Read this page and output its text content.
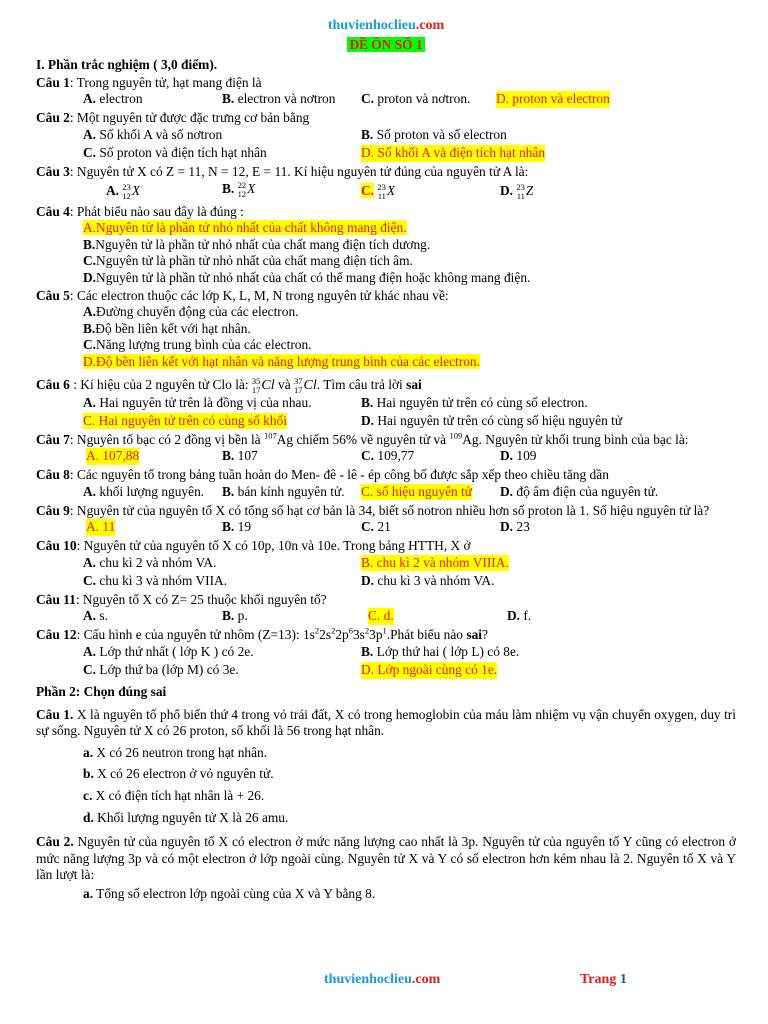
thuvienhoclieu.com
ĐỀ ÔN SỐ 1
I. Phần trắc nghiệm ( 3,0 điểm).
Câu 1: Trong nguyên tử, hạt mang điện là
A. electron	B. electron và nơtron C. proton và nơtron. D. proton và electron
Câu 2: Một nguyên tử được đặc trưng cơ bản bằng
A. Số khối A và số nơtron	B. Số proton và số electron
C. Số proton và điện tích hạt nhân	D. Số khối A và điện tích hạt nhân
Câu 3: Nguyên tử X có Z = 11, N = 12, E = 11. Kí hiệu nguyên tử đúng của nguyên tử A là:
A. 23
12 X	B. 22
12 X	C. 23
11 X	D. 23
11 Z
Câu 4: Phát biểu nào sau đây là đúng :
A.Nguyên tử là phần tử nhỏ nhất của chất không mang điện.
B.Nguyên tử là phần tử nhỏ nhất của chất mang điện tích dương.
C.Nguyên tử là phần tử nhỏ nhất của chất mang điện tích âm.
D.Nguyên tử là phần tử nhỏ nhất của chất có thể mang điện hoặc không mang điện.
Câu 5: Các electron thuộc các lớp K, L, M, N trong nguyên tử khác nhau về:
A.Đường chuyển động của các electron.
B.Độ bền liên kết với hạt nhân.
C.Năng lượng trung bình của các electron.
D.Độ bền liên kết với hạt nhân và năng lượng trung bình của các electron.
Câu 6 : Kí hiệu của 2 nguyên tử Clo là: 35
17 Cl và 37
17 Cl. Tìm câu trả lời sai
A. Hai nguyên tử trên là đồng vị của nhau.	B. Hai nguyên tử trên có cùng số electron.
C. Hai nguyên tử trên có cùng số khối	D. Hai nguyên tử trên có cùng số hiệu nguyên tử
Câu 7: Nguyên tố bạc có 2 đồng vị bền là $^{107}$Ag chiếm 56% về nguyên tử và $^{109}$Ag. Nguyên tử khối trung bình của bạc là:
A. 107,88	B. 107	C. 109,77	D. 109
Câu 8: Các nguyên tố trong bảng tuần hoàn do Men- đê - lê - ép công bố được sắp xếp theo chiều tăng dần
A. khối lượng nguyên. B. bán kính nguyên tử. C. số hiệu nguyên tử D. độ âm điện của nguyên tử.
Câu 9: Nguyên tử của nguyên tố X có tổng số hạt cơ bản là 34, biết số notron nhiều hơn số proton là 1. Số hiệu nguyên tử là?
A. 11	B. 19	C. 21	D. 23
Câu 10: Nguyên tử của nguyên tố X có 10p, 10n và 10e. Trong bảng HTTH, X ở
A. chu kì 2 và nhóm VA.	B. chu kì 2 và nhóm VIIIA.
C. chu kì 3 và nhóm VIIA.	D. chu kì 3 và nhóm VA.
Câu 11: Nguyên tố X có Z= 25 thuộc khối nguyên tố?
A. s.	B. p.	C. d.	D. f.
Câu 12: Cấu hình e của nguyên tử nhôm (Z=13): $1s^22s^22p^63s^23p^1.Phát$ biểu nào sai?
A. Lớp thứ nhất ( lớp K ) có 2e.	B. Lớp thứ hai ( lớp L) có 8e.
C. Lớp thứ ba (lớp M) có 3e.	D. Lớp ngoài cùng có 1e.
Phần 2: Chọn đúng sai
Câu 1. X là nguyên tố phổ biến thứ 4 trong vỏ trái đất, X có trong hemoglobin của máu làm nhiệm vụ vận chuyển oxygen, duy trì sự sống. Nguyên tử X có 26 proton, số khối là 56 trong hạt nhân.
a. X có 26 neutron trong hạt nhân.
b. X có 26 electron ở vỏ nguyên tử.
c. X có điện tích hạt nhân là + 26.
d. Khối lượng nguyên tử X là 26 amu.
Câu 2. Nguyên tử của nguyên tố X có electron ở mức năng lượng cao nhất là 3p. Nguyên tử của nguyên tố Y cũng có electron ở mức năng lượng 3p và có một electron ở lớp ngoài cùng. Nguyên tử X và Y có số electron hơn kém nhau là 2. Nguyên tố X và Y lần lượt là:
a. Tổng số electron lớp ngoài cùng của X và Y bằng 8.
thuvienhoclieu.com	Trang 1
